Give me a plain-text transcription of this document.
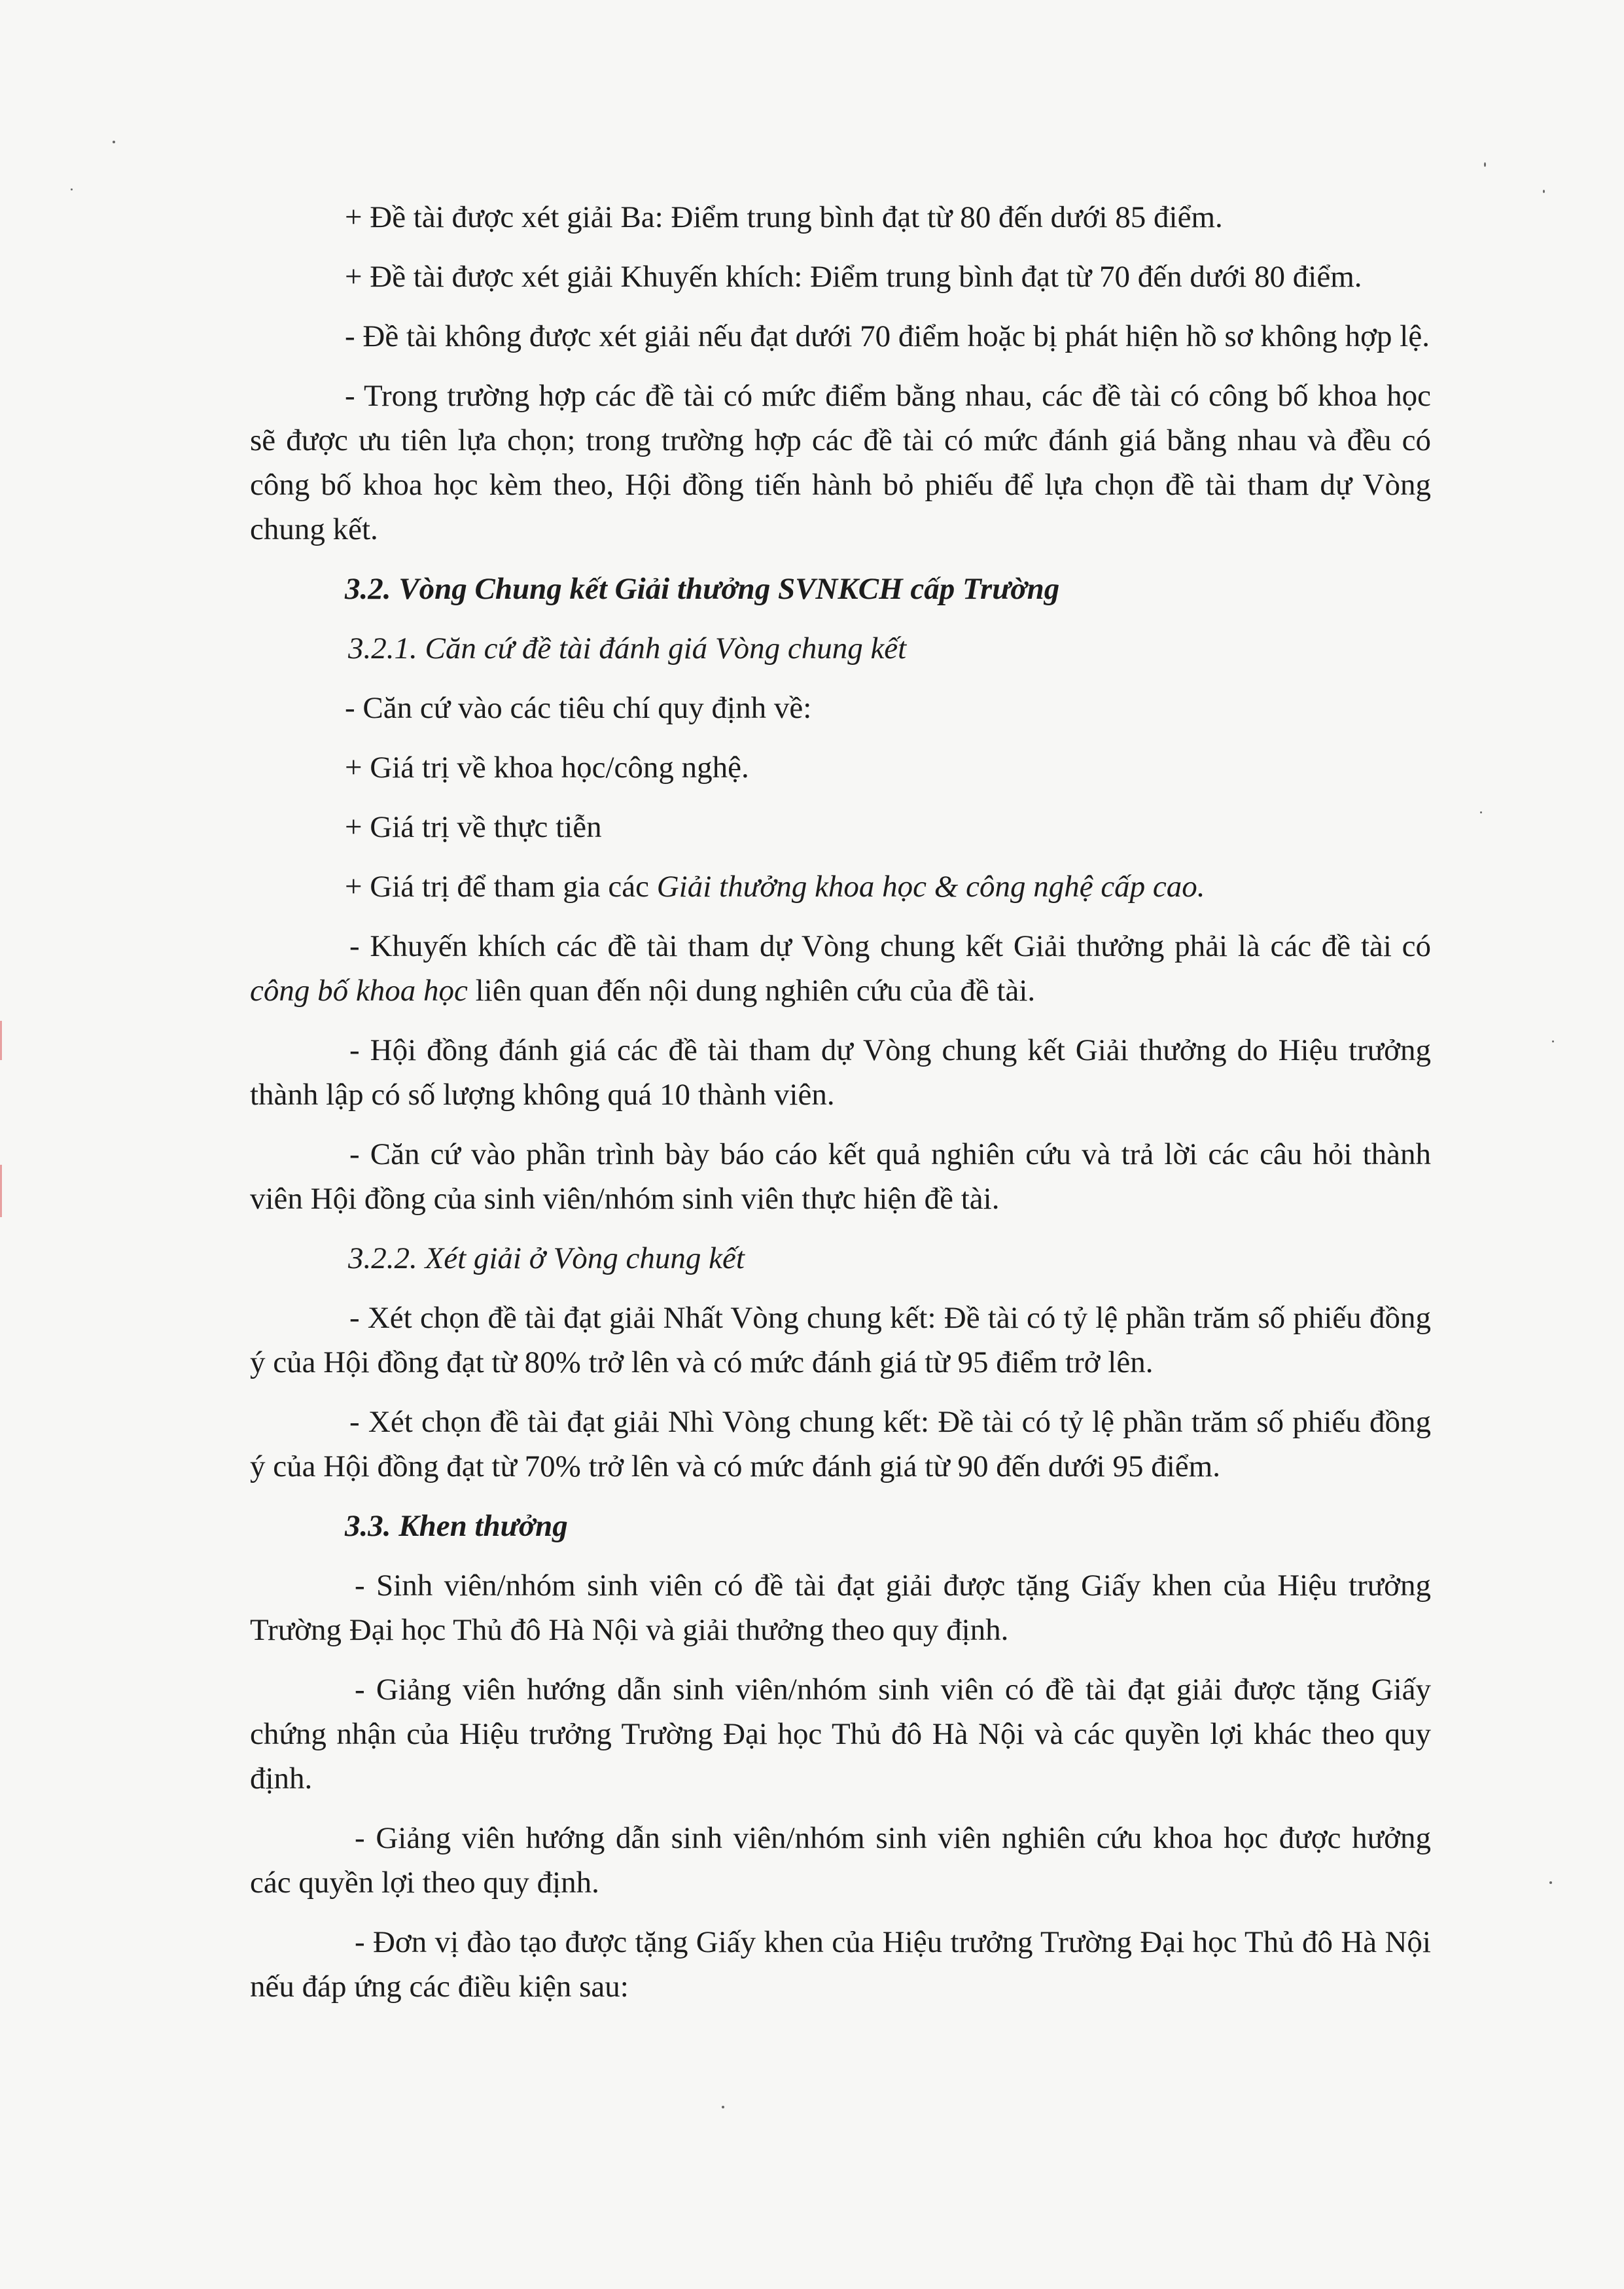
+ Đề tài được xét giải Ba: Điểm trung bình đạt từ 80 đến dưới 85 điểm.

+ Đề tài được xét giải Khuyến khích: Điểm trung bình đạt từ 70 đến dưới 80 điểm.

- Đề tài không được xét giải nếu đạt dưới 70 điểm hoặc bị phát hiện hồ sơ không hợp lệ.

- Trong trường hợp các đề tài có mức điểm bằng nhau, các đề tài có công bố khoa học sẽ được ưu tiên lựa chọn; trong trường hợp các đề tài có mức đánh giá bằng nhau và đều có công bố khoa học kèm theo, Hội đồng tiến hành bỏ phiếu để lựa chọn đề tài tham dự Vòng chung kết.

3.2. Vòng Chung kết Giải thưởng SVNKCH cấp Trường

3.2.1. Căn cứ đề tài đánh giá Vòng chung kết

- Căn cứ vào các tiêu chí quy định về:

+ Giá trị về khoa học/công nghệ.

+ Giá trị về thực tiễn

+ Giá trị để tham gia các Giải thưởng khoa học & công nghệ cấp cao.

- Khuyến khích các đề tài tham dự Vòng chung kết Giải thưởng phải là các đề tài có công bố khoa học liên quan đến nội dung nghiên cứu của đề tài.

- Hội đồng đánh giá các đề tài tham dự Vòng chung kết Giải thưởng do Hiệu trưởng thành lập có số lượng không quá 10 thành viên.

- Căn cứ vào phần trình bày báo cáo kết quả nghiên cứu và trả lời các câu hỏi thành viên Hội đồng của sinh viên/nhóm sinh viên thực hiện đề tài.

3.2.2. Xét giải ở Vòng chung kết

- Xét chọn đề tài đạt giải Nhất Vòng chung kết: Đề tài có tỷ lệ phần trăm số phiếu đồng ý của Hội đồng đạt từ 80% trở lên và có mức đánh giá từ 95 điểm trở lên.

- Xét chọn đề tài đạt giải Nhì Vòng chung kết: Đề tài có tỷ lệ phần trăm số phiếu đồng ý của Hội đồng đạt từ 70% trở lên và có mức đánh giá từ 90 đến dưới 95 điểm.

3.3. Khen thưởng

- Sinh viên/nhóm sinh viên có đề tài đạt giải được tặng Giấy khen của Hiệu trưởng Trường Đại học Thủ đô Hà Nội và giải thưởng theo quy định.

- Giảng viên hướng dẫn sinh viên/nhóm sinh viên có đề tài đạt giải được tặng Giấy chứng nhận của Hiệu trưởng Trường Đại học Thủ đô Hà Nội và các quyền lợi khác theo quy định.

- Giảng viên hướng dẫn sinh viên/nhóm sinh viên nghiên cứu khoa học được hưởng các quyền lợi theo quy định.

- Đơn vị đào tạo được tặng Giấy khen của Hiệu trưởng Trường Đại học Thủ đô Hà Nội nếu đáp ứng các điều kiện sau:
